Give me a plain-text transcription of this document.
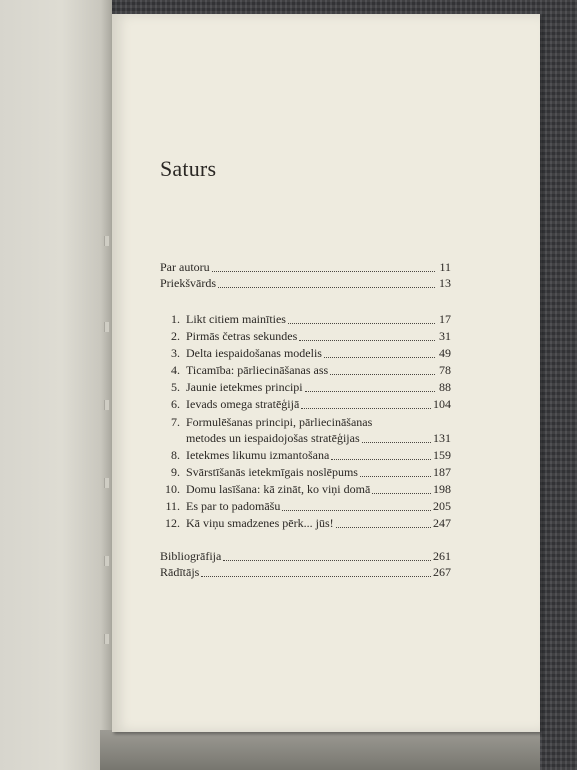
Saturs
Par autoru	11
Priekšvārds	13
1. Likt citiem mainīties	17
2. Pirmās četras sekundes	31
3. Delta iespaidošanas modelis	49
4. Ticamība: pārliecināšanas ass	78
5. Jaunie ietekmes principi	88
6. Ievads omega stratēģijā	104
7. Formulēšanas principi, pārliecināšanas
metodes un iespaidojošas stratēģijas	131
8. Ietekmes likumu izmantošana	159
9. Svārstīšanās ietekmīgais noslēpums	187
10. Domu lasīšana: kā zināt, ko viņi domā	198
11. Es par to padomāšu	205
12. Kā viņu smadzenes pērk... jūs!	247
Bibliogrāfija	261
Rādītājs	267
